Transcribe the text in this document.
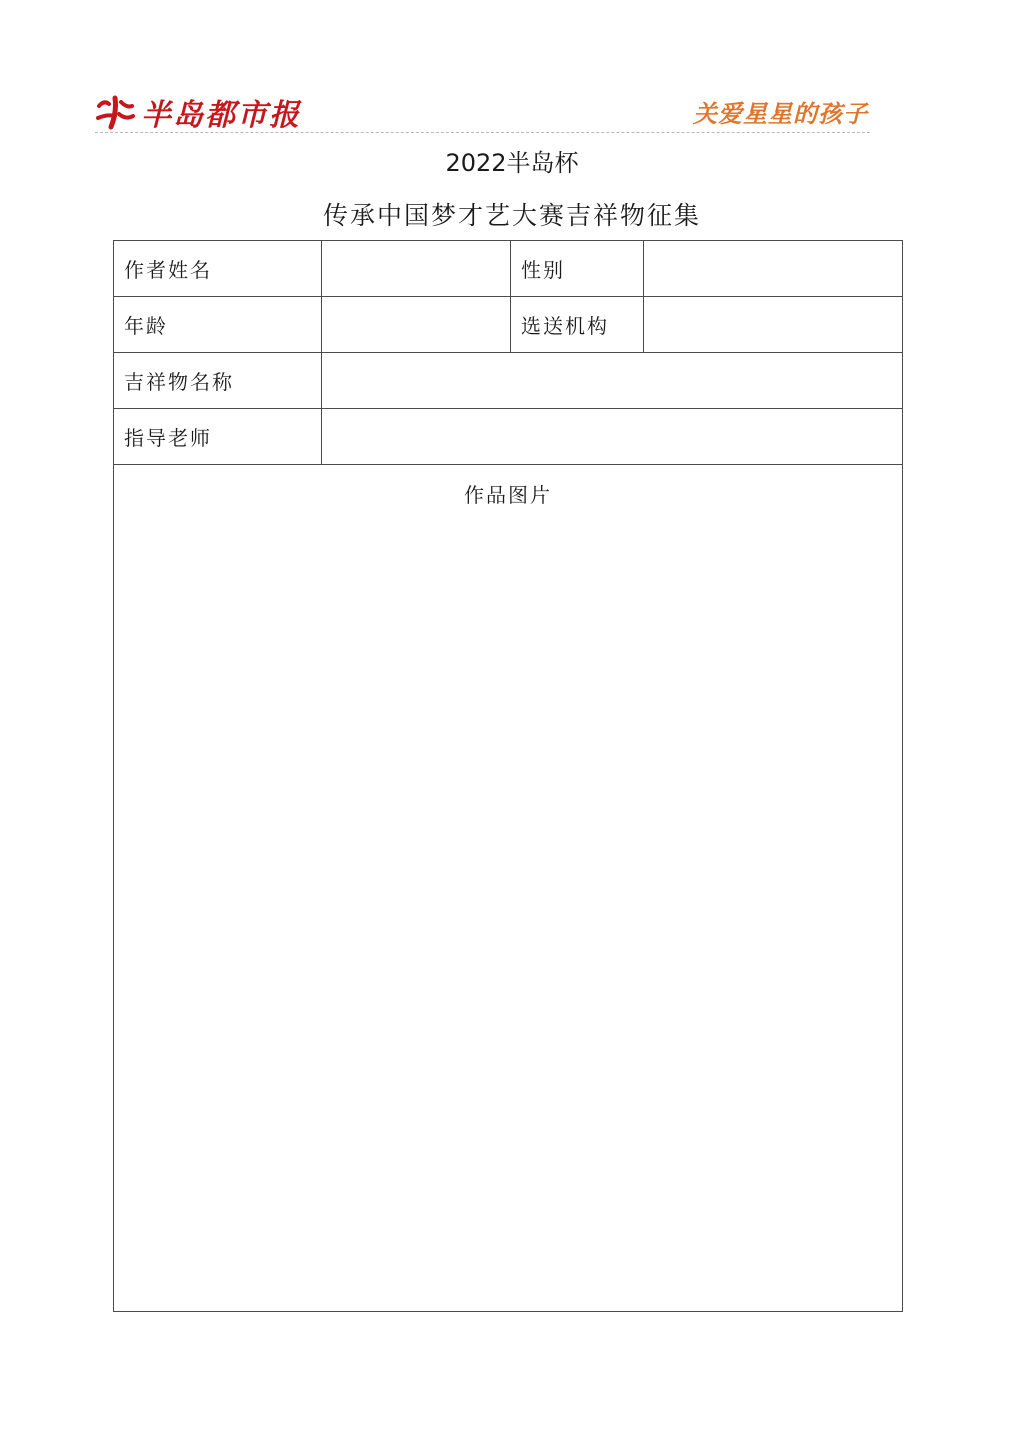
半岛都市报	关爱星星的孩子
2022半岛杯
传承中国梦才艺大赛吉祥物征集
作者姓名		性别	
年龄		选送机构	
吉祥物名称			
指导老师			
作品图片			
